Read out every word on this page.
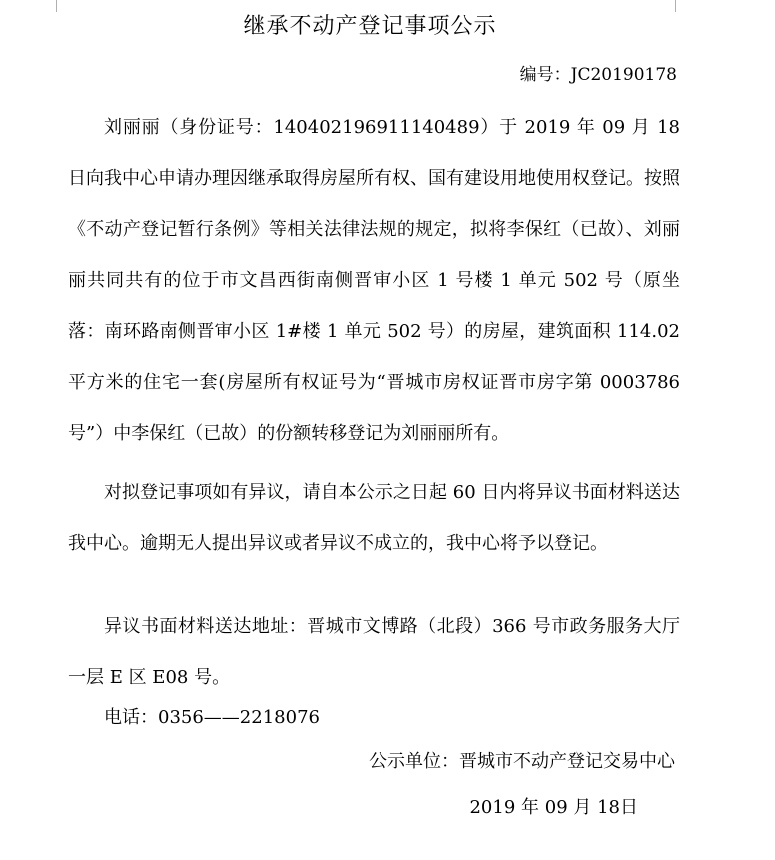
继承不动产登记事项公示
编号：JC20190178

刘丽丽（身份证号：140402196911140489）于 2019 年 09 月 18 日向我中心申请办理因继承取得房屋所有权、国有建设用地使用权登记。按照《不动产登记暂行条例》等相关法律法规的规定，拟将李保红（已故）、刘丽丽共同共有的位于市文昌西街南侧晋审小区 1 号楼 1 单元 502 号（原坐落：南环路南侧晋审小区 1#楼 1 单元 502 号）的房屋，建筑面积 114.02 平方米的住宅一套(房屋所有权证号为“晋城市房权证晋市房字第 0003786 号”）中李保红（已故）的份额转移登记为刘丽丽所有。

对拟登记事项如有异议，请自本公示之日起 60 日内将异议书面材料送达我中心。逾期无人提出异议或者异议不成立的，我中心将予以登记。

异议书面材料送达地址：晋城市文博路（北段）366 号市政务服务大厅一层 E 区 E08 号。

电话：0356——2218076
公示单位：晋城市不动产登记交易中心
2019 年 09 月 18日
